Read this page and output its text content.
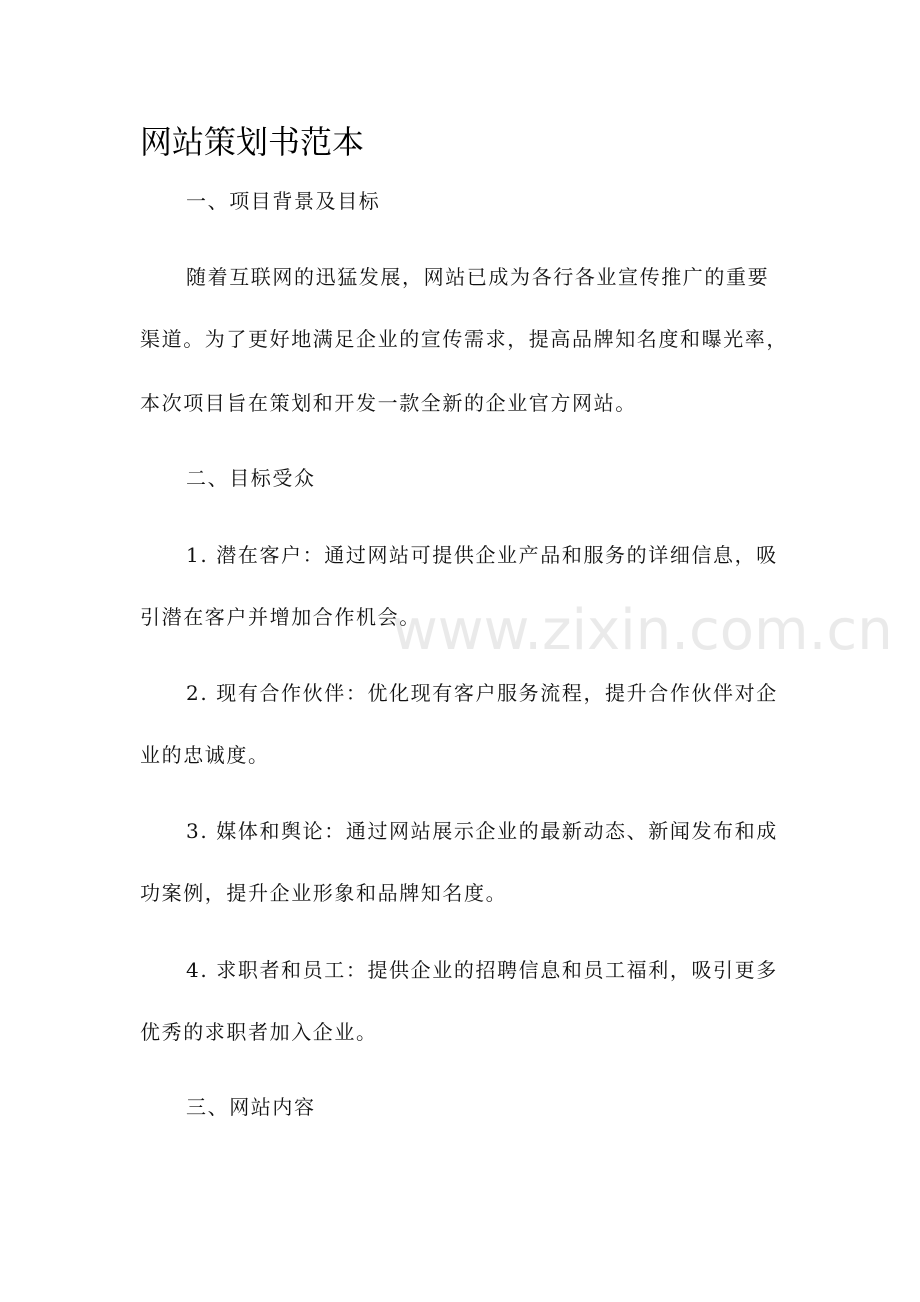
网站策划书范本
一、项目背景及目标
随着互联网的迅猛发展，网站已成为各行各业宣传推广的重要
渠道。为了更好地满足企业的宣传需求，提高品牌知名度和曝光率，
本次项目旨在策划和开发一款全新的企业官方网站。
二、目标受众
1. 潜在客户：通过网站可提供企业产品和服务的详细信息，吸
引潜在客户并增加合作机会。
2. 现有合作伙伴：优化现有客户服务流程，提升合作伙伴对企
业的忠诚度。
3. 媒体和舆论：通过网站展示企业的最新动态、新闻发布和成
功案例，提升企业形象和品牌知名度。
4. 求职者和员工：提供企业的招聘信息和员工福利，吸引更多
优秀的求职者加入企业。
三、网站内容
www.zixin.com.cn
